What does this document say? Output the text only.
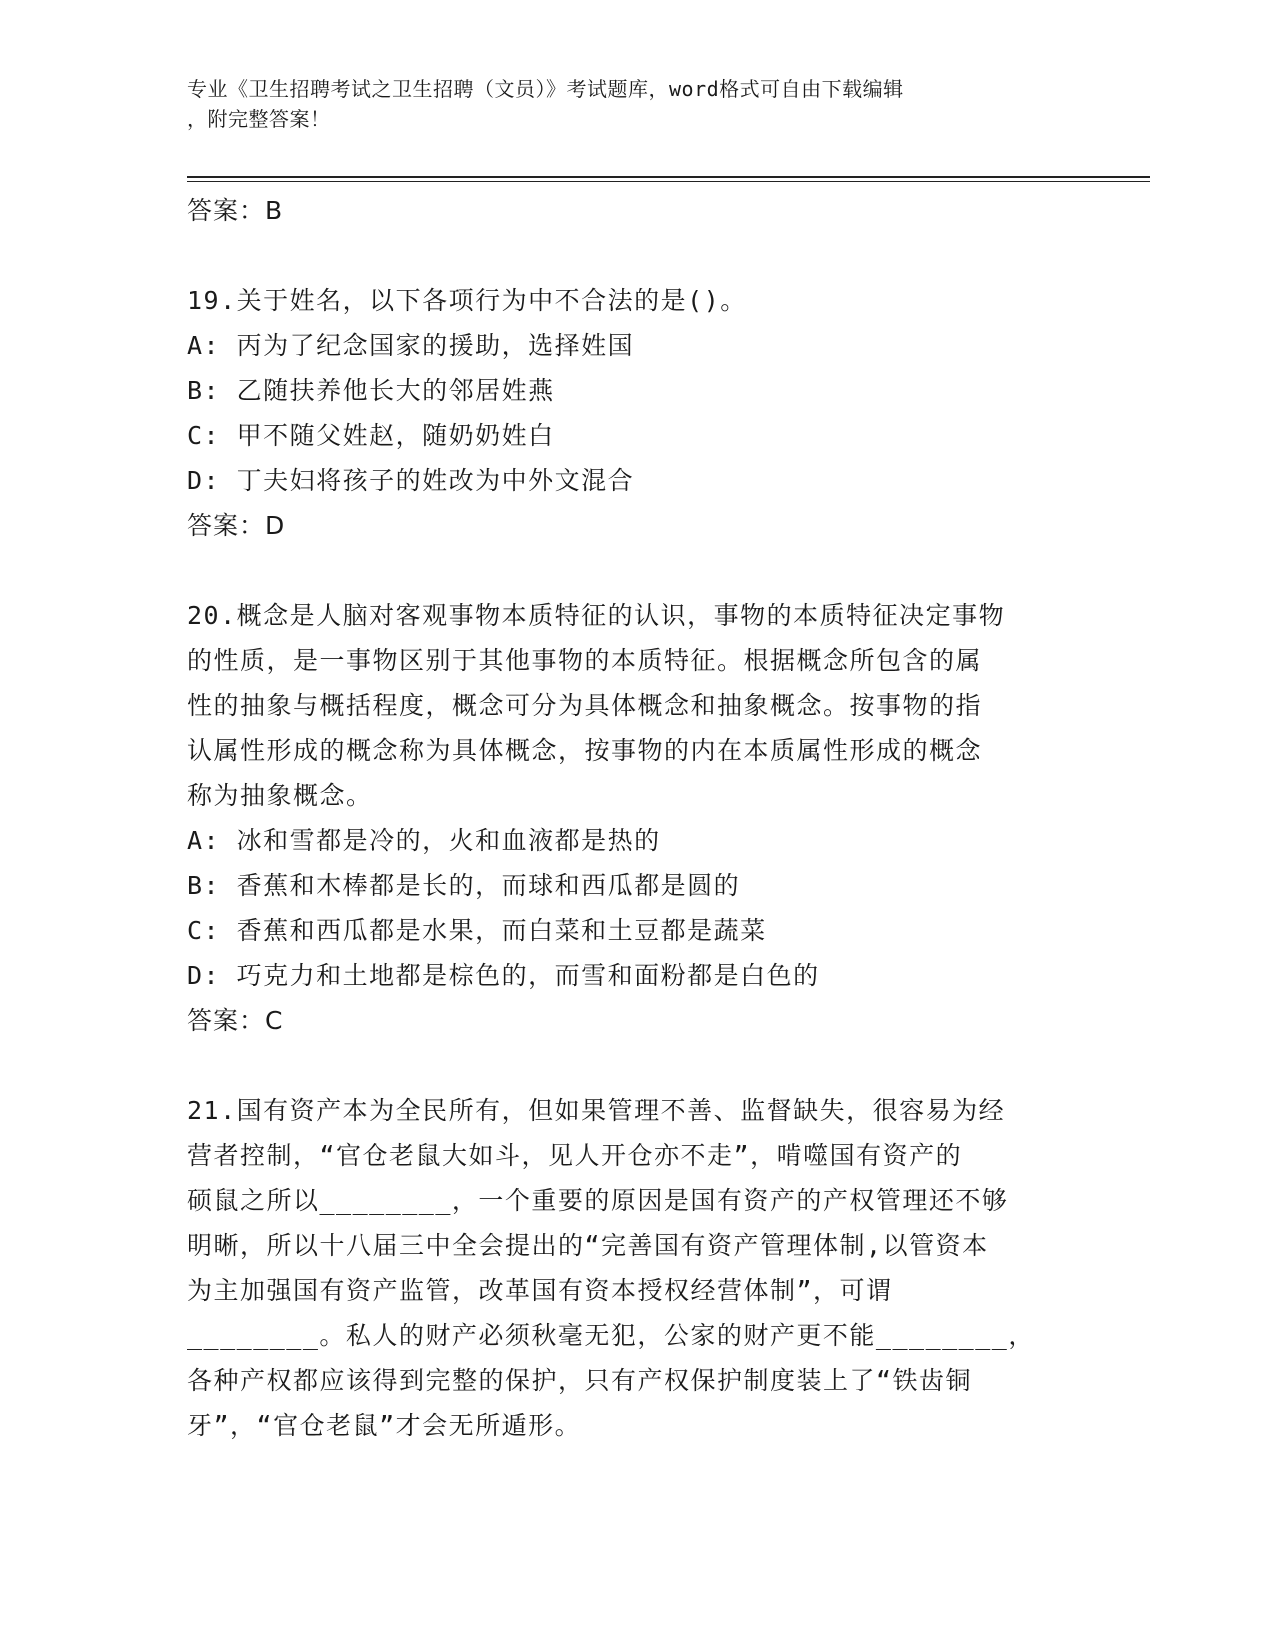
专业《卫生招聘考试之卫生招聘（文员）》考试题库，word格式可自由下载编辑
，附完整答案！
答案：B
19.关于姓名，以下各项行为中不合法的是()。
A: 丙为了纪念国家的援助，选择姓国
B: 乙随扶养他长大的邻居姓燕
C: 甲不随父姓赵，随奶奶姓白
D: 丁夫妇将孩子的姓改为中外文混合
答案：D
20.概念是人脑对客观事物本质特征的认识，事物的本质特征决定事物
的性质，是一事物区别于其他事物的本质特征。根据概念所包含的属
性的抽象与概括程度，概念可分为具体概念和抽象概念。按事物的指
认属性形成的概念称为具体概念，按事物的内在本质属性形成的概念
称为抽象概念。
A: 冰和雪都是冷的，火和血液都是热的
B: 香蕉和木棒都是长的，而球和西瓜都是圆的
C: 香蕉和西瓜都是水果，而白菜和土豆都是蔬菜
D: 巧克力和土地都是棕色的，而雪和面粉都是白色的
答案：C
21.国有资产本为全民所有，但如果管理不善、监督缺失，很容易为经
营者控制，“官仓老鼠大如斗，见人开仓亦不走”，啃噬国有资产的
硕鼠之所以________，一个重要的原因是国有资产的产权管理还不够
明晰，所以十八届三中全会提出的“完善国有资产管理体制,以管资本
为主加强国有资产监管，改革国有资本授权经营体制”，可谓
________。私人的财产必须秋毫无犯，公家的财产更不能________，
各种产权都应该得到完整的保护，只有产权保护制度装上了“铁齿铜
牙”，“官仓老鼠”才会无所遁形。
